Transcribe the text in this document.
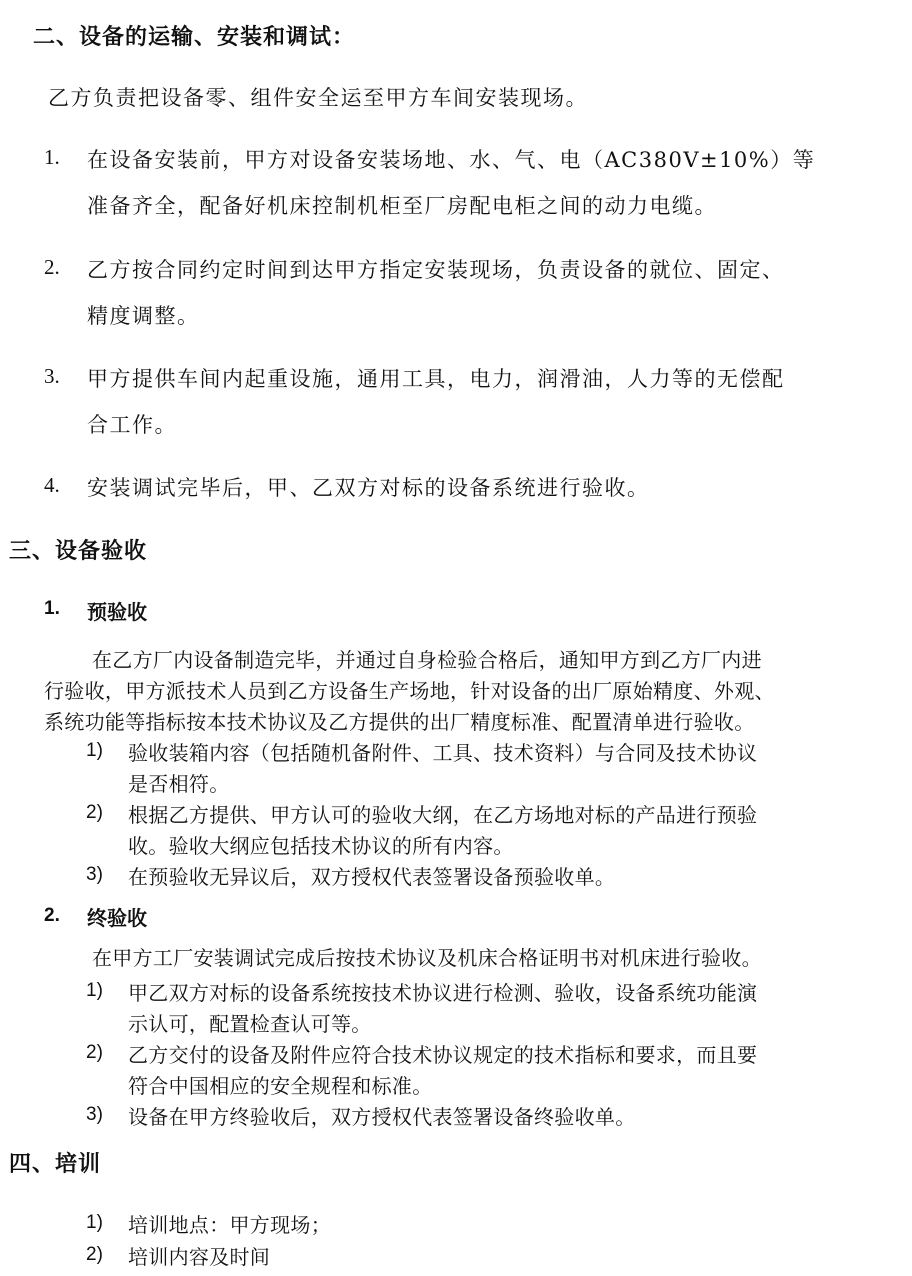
二、设备的运输、安装和调试：
乙方负责把设备零、组件安全运至甲方车间安装现场。
1. 在设备安装前，甲方对设备安装场地、水、气、电（AC380V±10%）等
准备齐全，配备好机床控制机柜至厂房配电柜之间的动力电缆。
2. 乙方按合同约定时间到达甲方指定安装现场，负责设备的就位、固定、
精度调整。
3. 甲方提供车间内起重设施，通用工具，电力，润滑油，人力等的无偿配
合工作。
4. 安装调试完毕后，甲、乙双方对标的设备系统进行验收。
三、设备验收
1. 预验收
在乙方厂内设备制造完毕，并通过自身检验合格后，通知甲方到乙方厂内进
行验收，甲方派技术人员到乙方设备生产场地，针对设备的出厂原始精度、外观、
系统功能等指标按本技术协议及乙方提供的出厂精度标准、配置清单进行验收。
1) 验收装箱内容（包括随机备附件、工具、技术资料）与合同及技术协议
是否相符。
2) 根据乙方提供、甲方认可的验收大纲，在乙方场地对标的产品进行预验
收。验收大纲应包括技术协议的所有内容。
3) 在预验收无异议后，双方授权代表签署设备预验收单。
2. 终验收
在甲方工厂安装调试完成后按技术协议及机床合格证明书对机床进行验收。
1) 甲乙双方对标的设备系统按技术协议进行检测、验收，设备系统功能演
示认可，配置检查认可等。
2) 乙方交付的设备及附件应符合技术协议规定的技术指标和要求，而且要
符合中国相应的安全规程和标准。
3) 设备在甲方终验收后，双方授权代表签署设备终验收单。
四、培训
1) 培训地点：甲方现场；
2) 培训内容及时间
